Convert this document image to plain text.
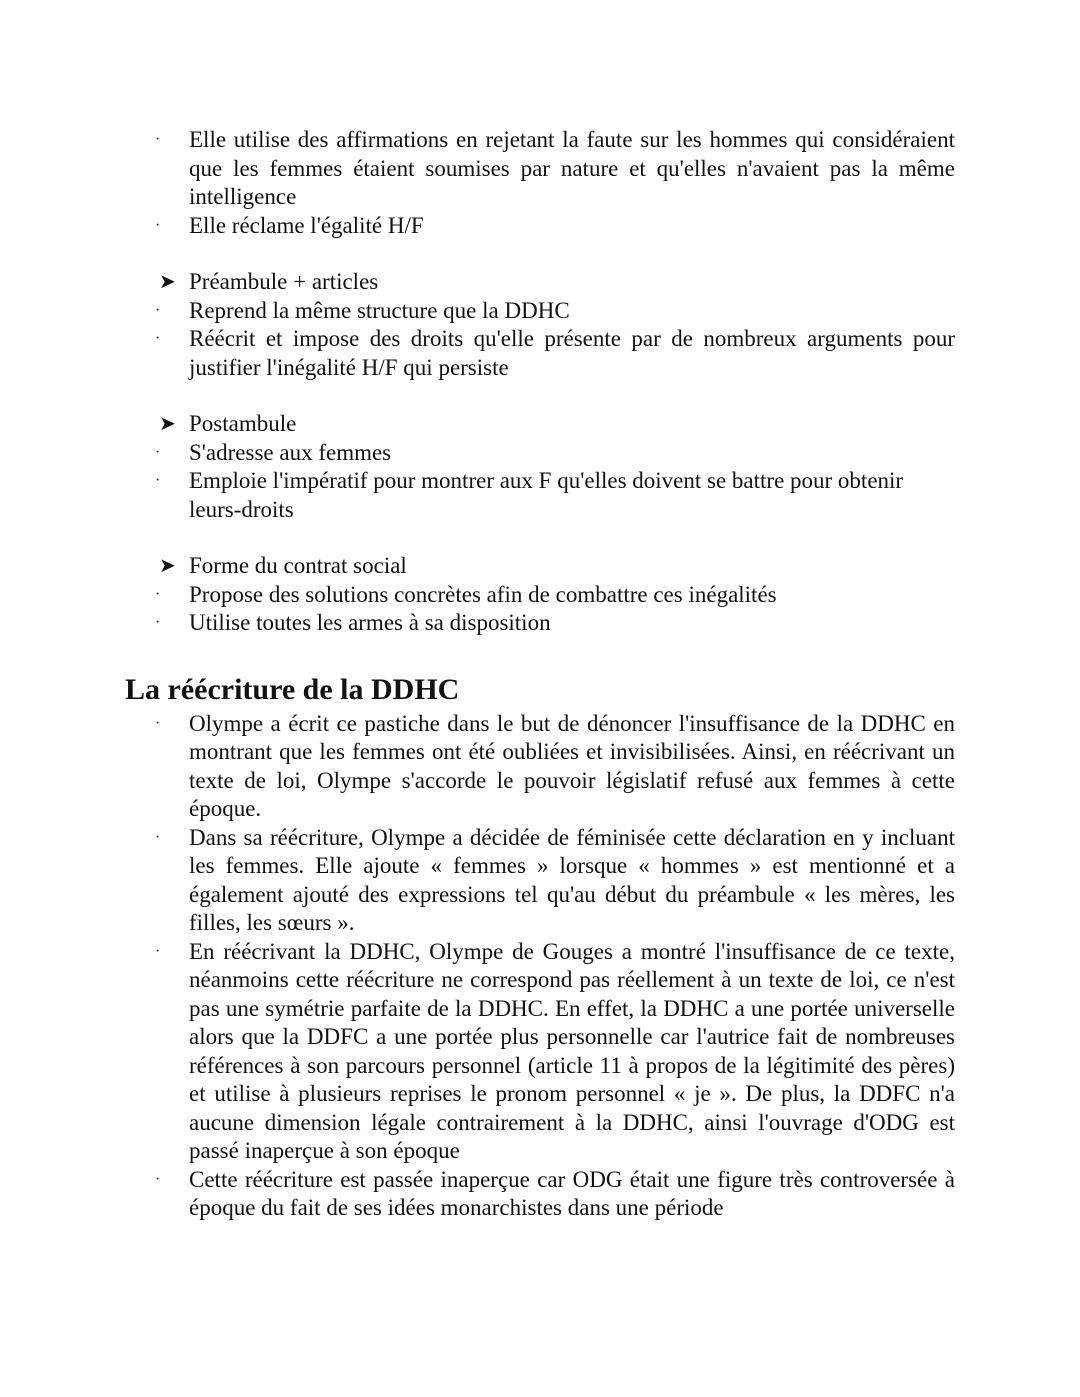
·	Elle utilise des affirmations en rejetant la faute sur les hommes qui considéraient que les femmes étaient soumises par nature et qu'elles n'avaient pas la même intelligence
·	Elle réclame l'égalité H/F
➤ Préambule + articles
·	Reprend la même structure que la DDHC
·	Réécrit et impose des droits qu'elle présente par de nombreux arguments pour justifier l'inégalité H/F qui persiste
➤ Postambule
·	S'adresse aux femmes
·	Emploie l'impératif pour montrer aux F qu'elles doivent se battre pour obtenir leurs-droits
➤ Forme du contrat social
·	Propose des solutions concrètes afin de combattre ces inégalités
·	Utilise toutes les armes à sa disposition
La réécriture de la DDHC
·	Olympe a écrit ce pastiche dans le but de dénoncer l'insuffisance de la DDHC en montrant que les femmes ont été oubliées et invisibilisées. Ainsi, en réécrivant un texte de loi, Olympe s'accorde le pouvoir législatif refusé aux femmes à cette époque.
·	Dans sa réécriture, Olympe a décidée de féminisée cette déclaration en y incluant les femmes. Elle ajoute « femmes » lorsque « hommes » est mentionné et a également ajouté des expressions tel qu'au début du préambule « les mères, les filles, les sœurs ».
·	En réécrivant la DDHC, Olympe de Gouges a montré l'insuffisance de ce texte, néanmoins cette réécriture ne correspond pas réellement à un texte de loi, ce n'est pas une symétrie parfaite de la DDHC. En effet, la DDHC a une portée universelle alors que la DDFC a une portée plus personnelle car l'autrice fait de nombreuses références à son parcours personnel (article 11 à propos de la légitimité des pères) et utilise à plusieurs reprises le pronom personnel « je ». De plus, la DDFC n'a aucune dimension légale contrairement à la DDHC, ainsi l'ouvrage d'ODG est passé inaperçue à son époque
·	Cette réécriture est passée inaperçue car ODG était une figure très controversée à époque du fait de ses idées monarchistes dans une période
